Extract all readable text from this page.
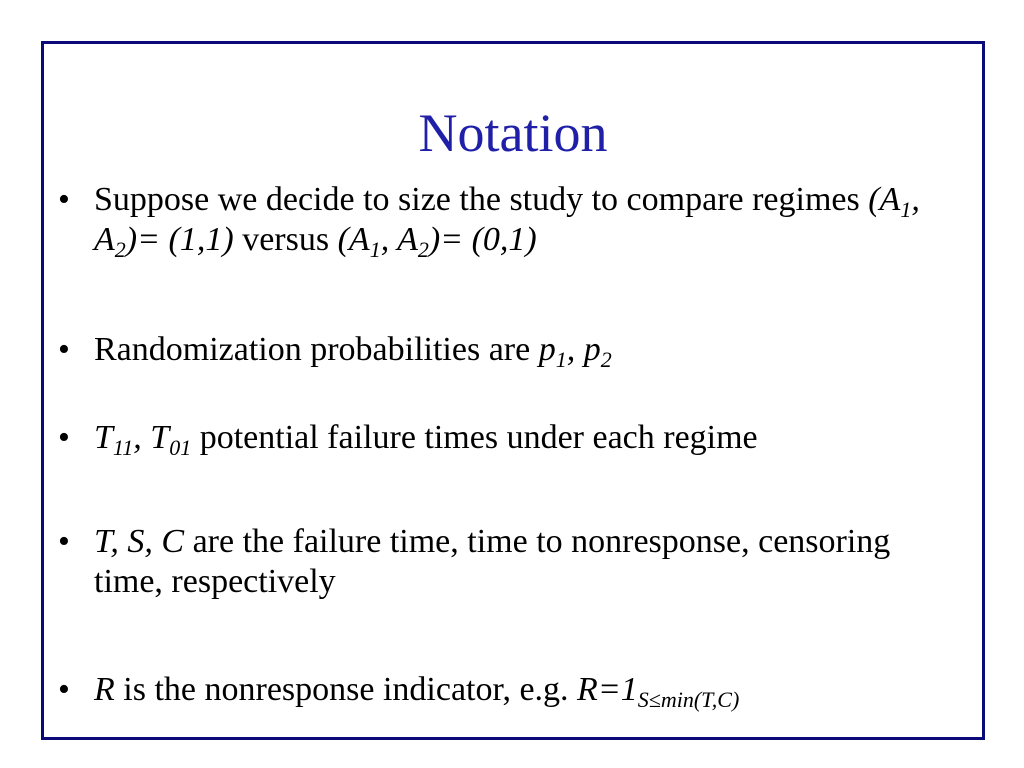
Notation
• Suppose we decide to size the study to compare regimes ($A_1$, $A_2)= (1,1)$ versus ($A_1$, $A_2)= (0,1)$
• Randomization probabilities are $p_1$, $p_2$
• $T_{11}$, $T_{01}$ potential failure times under each regime
• T, S, C are the failure time, time to nonresponse, censoring time, respectively
• R is the nonresponse indicator, e.g. $R=1_{S\le min(T,C)}$
